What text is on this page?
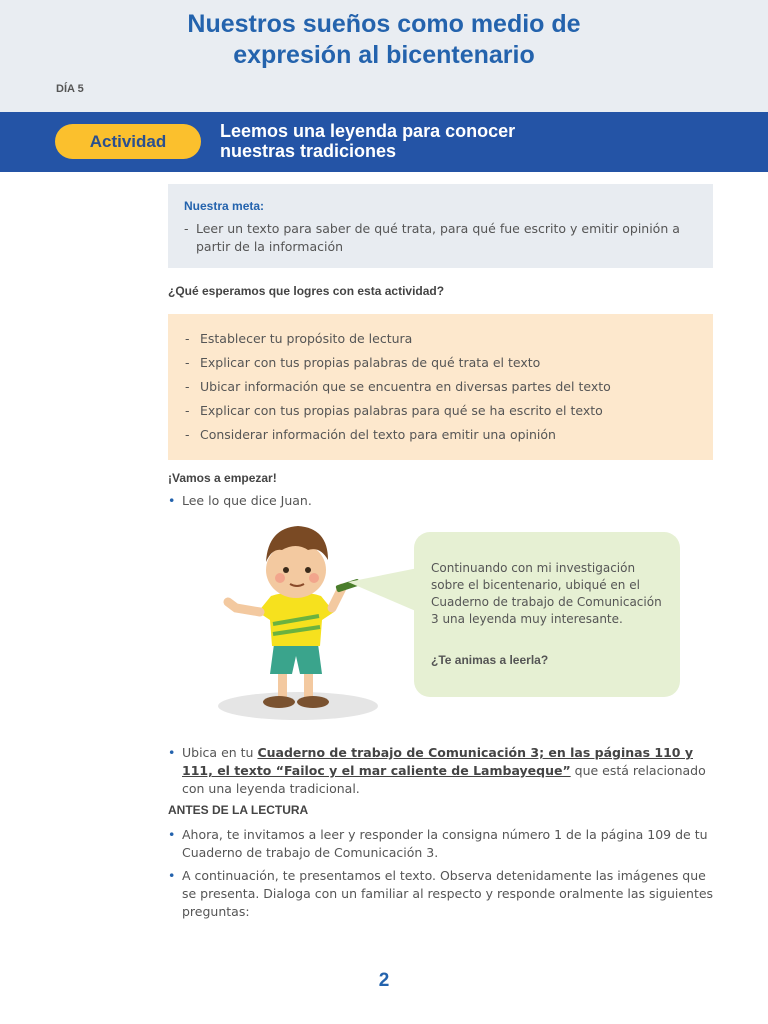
Nuestros sueños como medio de
expresión al bicentenario
DÍA 5
Actividad
Leemos una leyenda para conocer
nuestras tradiciones
Nuestra meta:
- Leer un texto para saber de qué trata, para qué fue escrito y emitir opinión a partir de la información
¿Qué esperamos que logres con esta actividad?
- Establecer tu propósito de lectura
- Explicar con tus propias palabras de qué trata el texto
- Ubicar información que se encuentra en diversas partes del texto
- Explicar con tus propias palabras para qué se ha escrito el texto
- Considerar información del texto para emitir una opinión
¡Vamos a empezar!
• Lee lo que dice Juan.
Continuando con mi investigación sobre el bicentenario, ubiqué en el Cuaderno de trabajo de Comunicación 3 una leyenda muy interesante.
¿Te animas a leerla?
• Ubica en tu Cuaderno de trabajo de Comunicación 3; en las páginas 110 y 111, el texto “Failoc y el mar caliente de Lambayeque” que está relacionado con una leyenda tradicional.
ANTES DE LA LECTURA
• Ahora, te invitamos a leer y responder la consigna número 1 de la página 109 de tu Cuaderno de trabajo de Comunicación 3.
• A continuación, te presentamos el texto. Observa detenidamente las imágenes que se presenta. Dialoga con un familiar al respecto y responde oralmente las siguientes preguntas:
2
